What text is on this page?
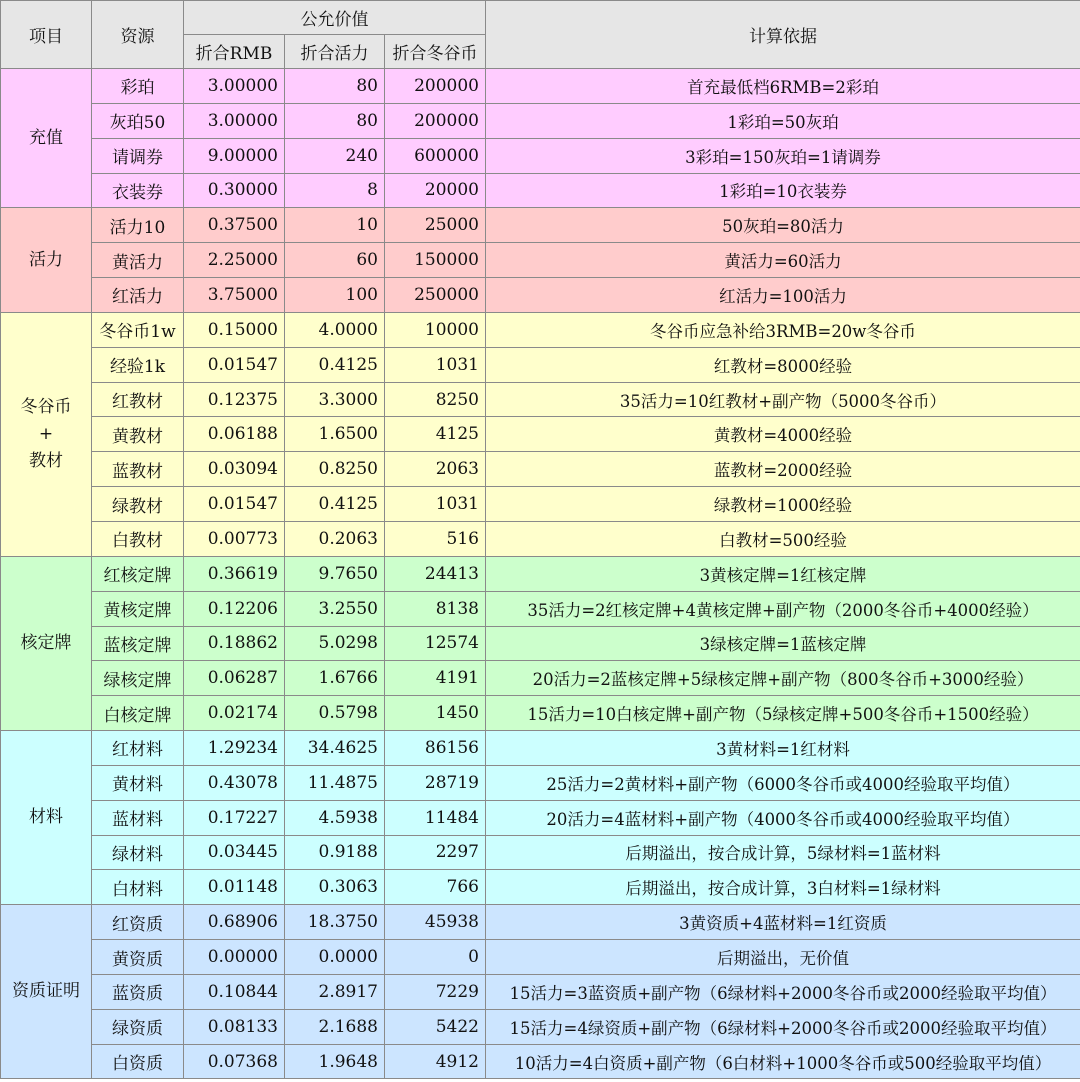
项目	资源	公允价值			计算依据
		折合RMB	折合活力	折合冬谷币	

充值	彩珀	3.00000	80	200000	首充最低档6RMB=2彩珀
	灰珀50	3.00000	80	200000	1彩珀=50灰珀
	请调券	9.00000	240	600000	3彩珀=150灰珀=1请调券
	衣装券	0.30000	8	20000	1彩珀=10衣装券

活力	活力10	0.37500	10	25000	50灰珀=80活力
	黄活力	2.25000	60	150000	黄活力=60活力
	红活力	3.75000	100	250000	红活力=100活力

冬谷币
+
教材	冬谷币1w	0.15000	4.0000	10000	冬谷币应急补给3RMB=20w冬谷币
	经验1k	0.01547	0.4125	1031	红教材=8000经验
	红教材	0.12375	3.3000	8250	35活力=10红教材+副产物（5000冬谷币）
	黄教材	0.06188	1.6500	4125	黄教材=4000经验
	蓝教材	0.03094	0.8250	2063	蓝教材=2000经验
	绿教材	0.01547	0.4125	1031	绿教材=1000经验
	白教材	0.00773	0.2063	516	白教材=500经验

核定牌	红核定牌	0.36619	9.7650	24413	3黄核定牌=1红核定牌
	黄核定牌	0.12206	3.2550	8138	35活力=2红核定牌+4黄核定牌+副产物（2000冬谷币+4000经验）
	蓝核定牌	0.18862	5.0298	12574	3绿核定牌=1蓝核定牌
	绿核定牌	0.06287	1.6766	4191	20活力=2蓝核定牌+5绿核定牌+副产物（800冬谷币+3000经验）
	白核定牌	0.02174	0.5798	1450	15活力=10白核定牌+副产物（5绿核定牌+500冬谷币+1500经验）

材料	红材料	1.29234	34.4625	86156	3黄材料=1红材料
	黄材料	0.43078	11.4875	28719	25活力=2黄材料+副产物（6000冬谷币或4000经验取平均值）
	蓝材料	0.17227	4.5938	11484	20活力=4蓝材料+副产物（4000冬谷币或4000经验取平均值）
	绿材料	0.03445	0.9188	2297	后期溢出，按合成计算，5绿材料=1蓝材料
	白材料	0.01148	0.3063	766	后期溢出，按合成计算，3白材料=1绿材料

资质证明	红资质	0.68906	18.3750	45938	3黄资质+4蓝材料=1红资质
	黄资质	0.00000	0.0000	0	后期溢出，无价值
	蓝资质	0.10844	2.8917	7229	15活力=3蓝资质+副产物（6绿材料+2000冬谷币或2000经验取平均值）
	绿资质	0.08133	2.1688	5422	15活力=4绿资质+副产物（6绿材料+2000冬谷币或2000经验取平均值）
	白资质	0.07368	1.9648	4912	10活力=4白资质+副产物（6白材料+1000冬谷币或500经验取平均值）
